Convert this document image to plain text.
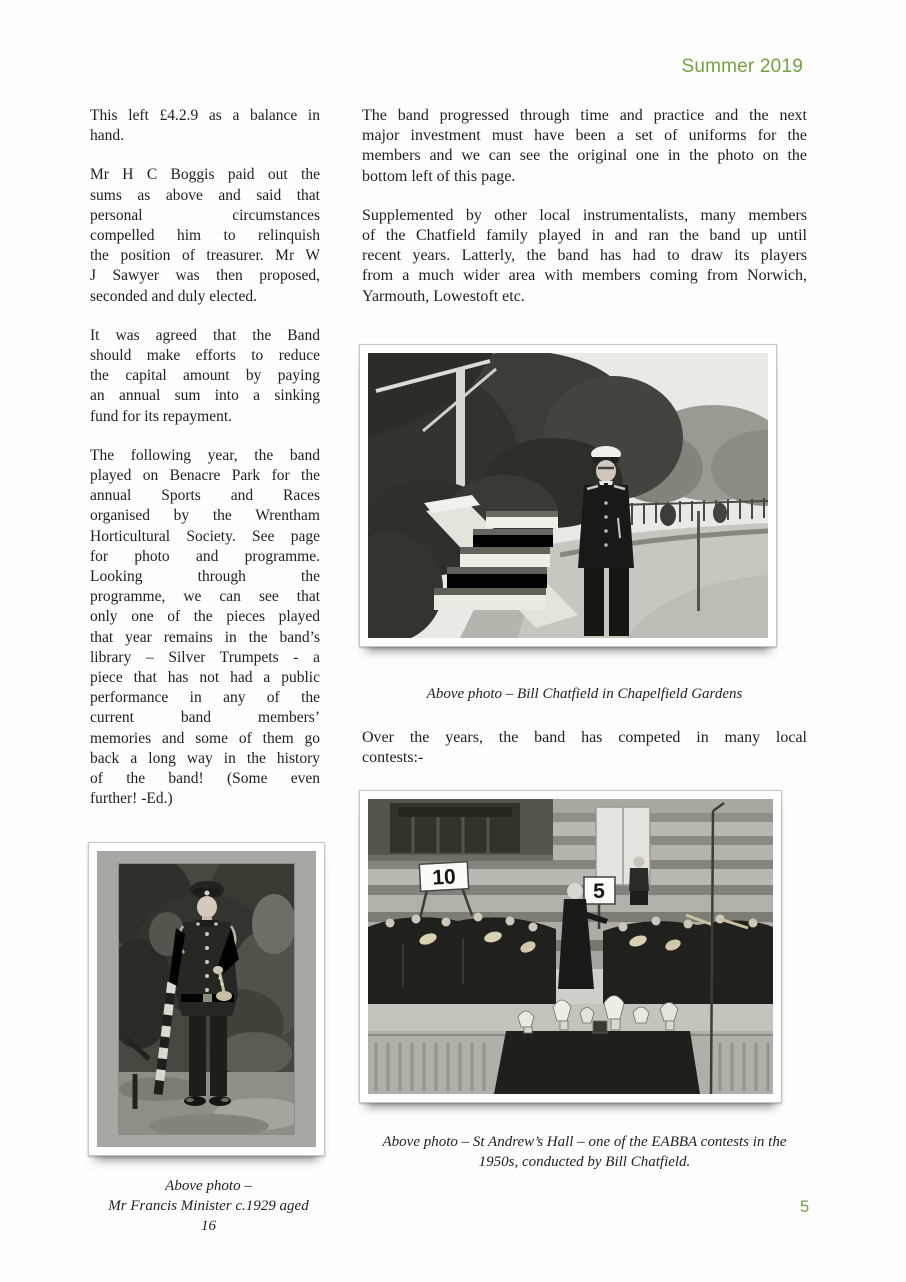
Summer 2019
This left £4.2.9 as a balance in
hand.
Mr H C Boggis paid out the
sums as above and said that
personal circumstances
compelled him to relinquish
the position of treasurer. Mr W
J Sawyer was then proposed,
seconded and duly elected.
It was agreed that the Band
should make efforts to reduce
the capital amount by paying
an annual sum into a sinking
fund for its repayment.
The following year, the band
played on Benacre Park for the
annual Sports and Races
organised by the Wrentham
Horticultural Society. See page
for photo and programme.
Looking through the
programme, we can see that
only one of the pieces played
that year remains in the band’s
library – Silver Trumpets - a
piece that has not had a public
performance in any of the
current band members’
memories and some of them go
back a long way in the history
of the band! (Some even
further! -Ed.)
Above photo –
Mr Francis Minister c.1929 aged
16
The band progressed through time and practice and the next
major investment must have been a set of uniforms for the
members and we can see the original one in the photo on the
bottom left of this page.
Supplemented by other local instrumentalists, many members
of the Chatfield family played in and ran the band up until
recent years. Latterly, the band has had to draw its players
from a much wider area with members coming from Norwich,
Yarmouth, Lowestoft etc.
Above photo – Bill Chatfield in Chapelfield Gardens
Over the years, the band has competed in many local
contests:-
10
5
Above photo – St Andrew’s Hall – one of the EABBA contests in the
1950s, conducted by Bill Chatfield.
5
